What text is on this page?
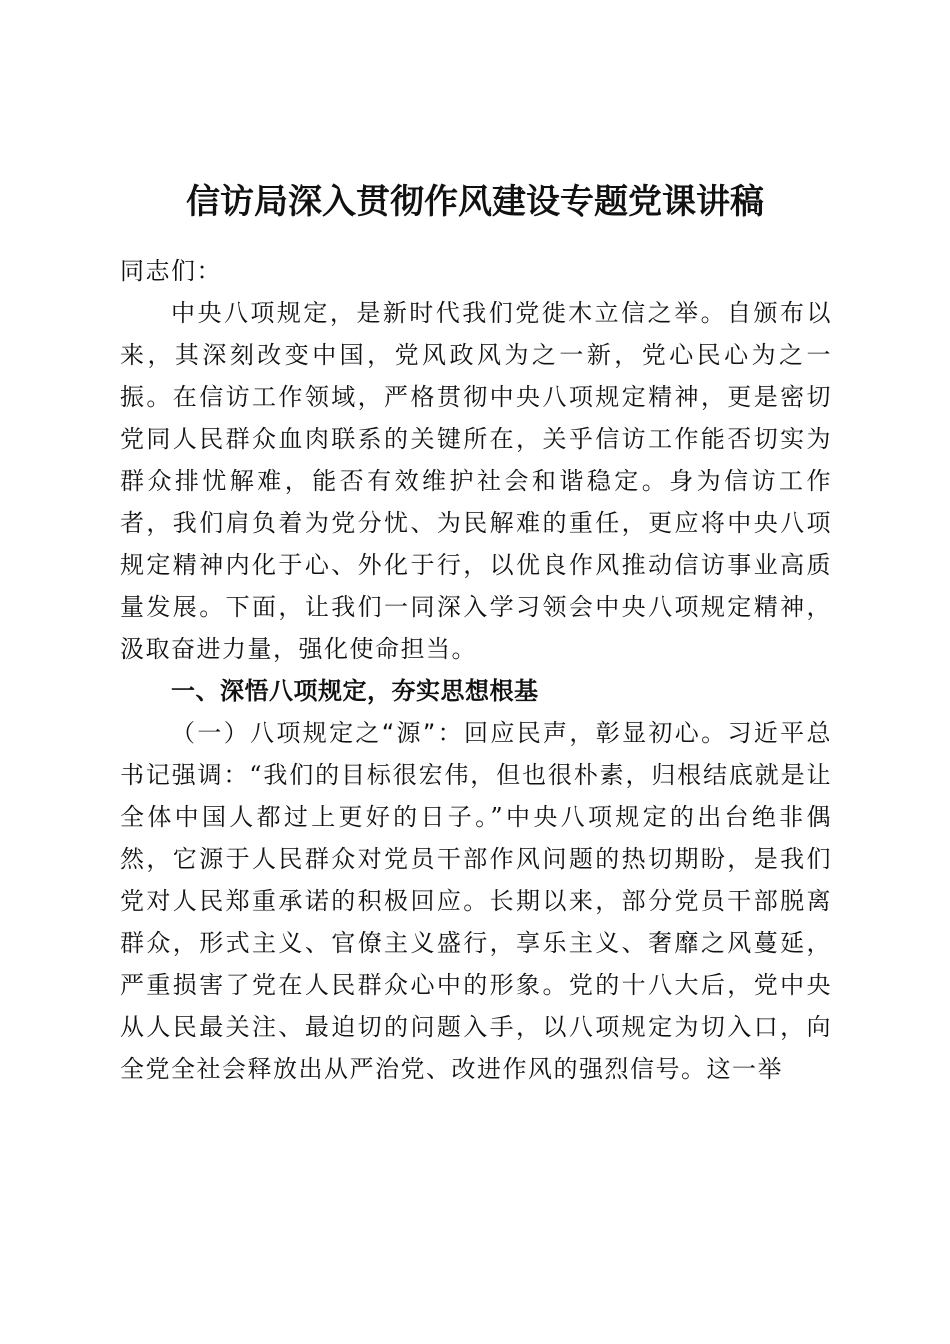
信访局深入贯彻作风建设专题党课讲稿

同志们：

中央八项规定，是新时代我们党徙木立信之举。自颁布以来，其深刻改变中国，党风政风为之一新，党心民心为之一振。在信访工作领域，严格贯彻中央八项规定精神，更是密切党同人民群众血肉联系的关键所在，关乎信访工作能否切实为群众排忧解难，能否有效维护社会和谐稳定。身为信访工作者，我们肩负着为党分忧、为民解难的重任，更应将中央八项规定精神内化于心、外化于行，以优良作风推动信访事业高质量发展。下面，让我们一同深入学习领会中央八项规定精神，汲取奋进力量，强化使命担当。

一、深悟八项规定，夯实思想根基

（一）八项规定之“源”：回应民声，彰显初心。习近平总书记强调：“我们的目标很宏伟，但也很朴素，归根结底就是让全体中国人都过上更好的日子。”中央八项规定的出台绝非偶然，它源于人民群众对党员干部作风问题的热切期盼，是我们党对人民郑重承诺的积极回应。长期以来，部分党员干部脱离群众，形式主义、官僚主义盛行，享乐主义、奢靡之风蔓延，严重损害了党在人民群众心中的形象。党的十八大后，党中央从人民最关注、最迫切的问题入手，以八项规定为切入口，向全党全社会释放出从严治党、改进作风的强烈信号。这一举
